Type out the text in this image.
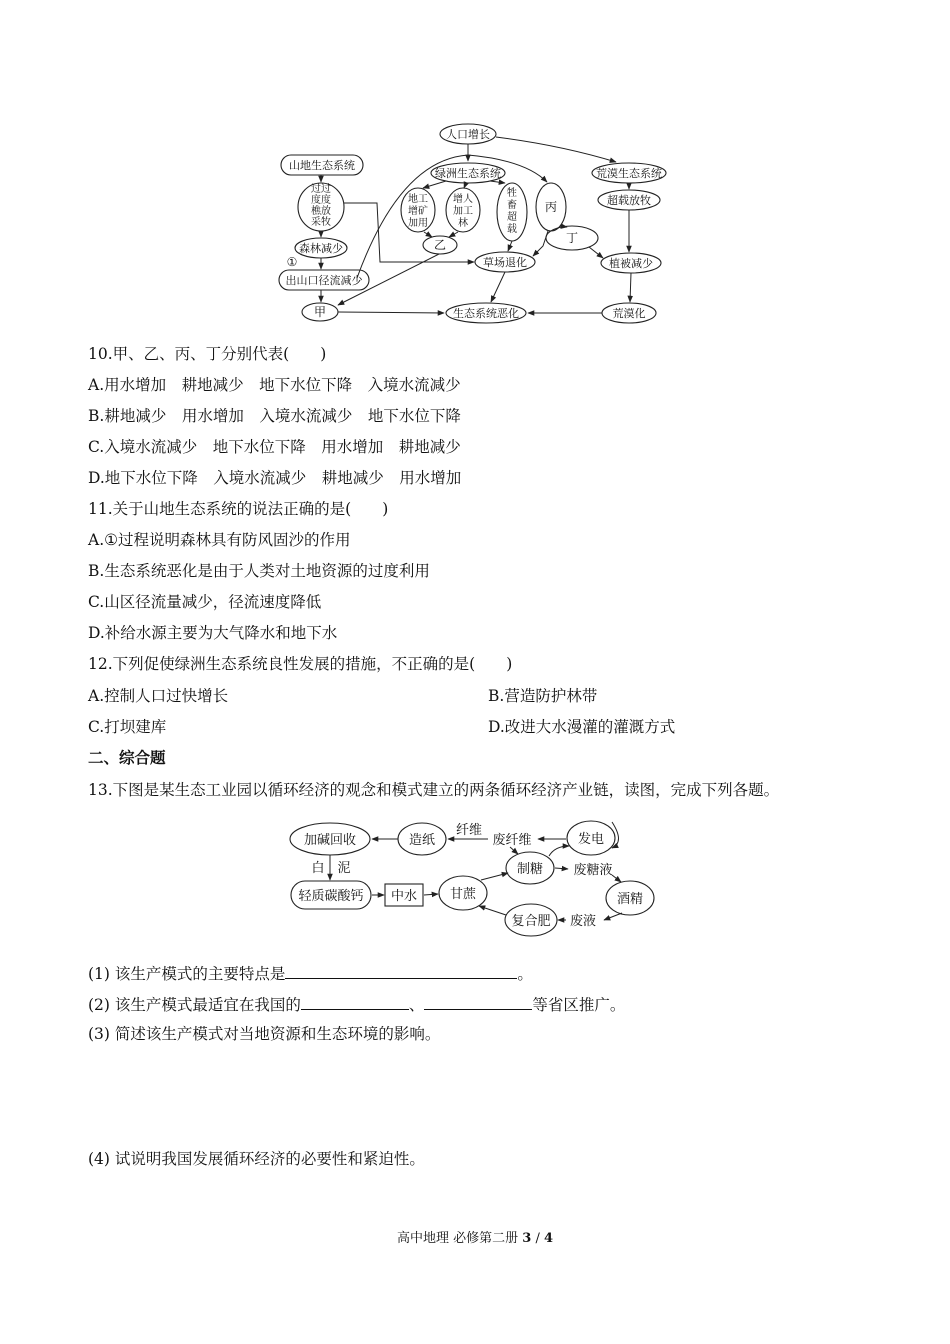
人口增长
山地生态系统
绿洲生态系统	荒漠生态系统
过过
度度
樵放
采牧
地工
增矿
加用
增人
加工
林
牲
畜
超
载
丙	超载放牧
森林减少
①
出山口径流减少
乙	丁
草场退化	植被减少
甲	生态系统恶化	荒漠化
10.甲、乙、丙、丁分别代表(　　)
A.用水增加　耕地减少　地下水位下降　入境水流减少
B.耕地减少　用水增加　入境水流减少　地下水位下降
C.入境水流减少　地下水位下降　用水增加　耕地减少
D.地下水位下降　入境水流减少　耕地减少　用水增加
11.关于山地生态系统的说法正确的是(　　)
A.①过程说明森林具有防风固沙的作用
B.生态系统恶化是由于人类对土地资源的过度利用
C.山区径流量减少，径流速度降低
D.补给水源主要为大气降水和地下水
12.下列促使绿洲生态系统良性发展的措施，不正确的是(　　)
A.控制人口过快增长	B.营造防护林带
C.打坝建库	D.改进大水漫灌的灌溉方式
二、综合题
13.下图是某生态工业园以循环经济的观念和模式建立的两条循环经济产业链，读图，完成下列各题。
加碱回收	造纸
纤维
废纤维	发电
白　泥	制糖 废糖液
轻质碳酸钙 中水	甘蔗	酒精
复合肥 废液
(1) 该生产模式的主要特点是	。
(2) 该生产模式最适宜在我国的	、	等省区推广。
(3) 简述该生产模式对当地资源和生态环境的影响。
(4) 试说明我国发展循环经济的必要性和紧迫性。
高中地理 必修第二册 3 / 4
